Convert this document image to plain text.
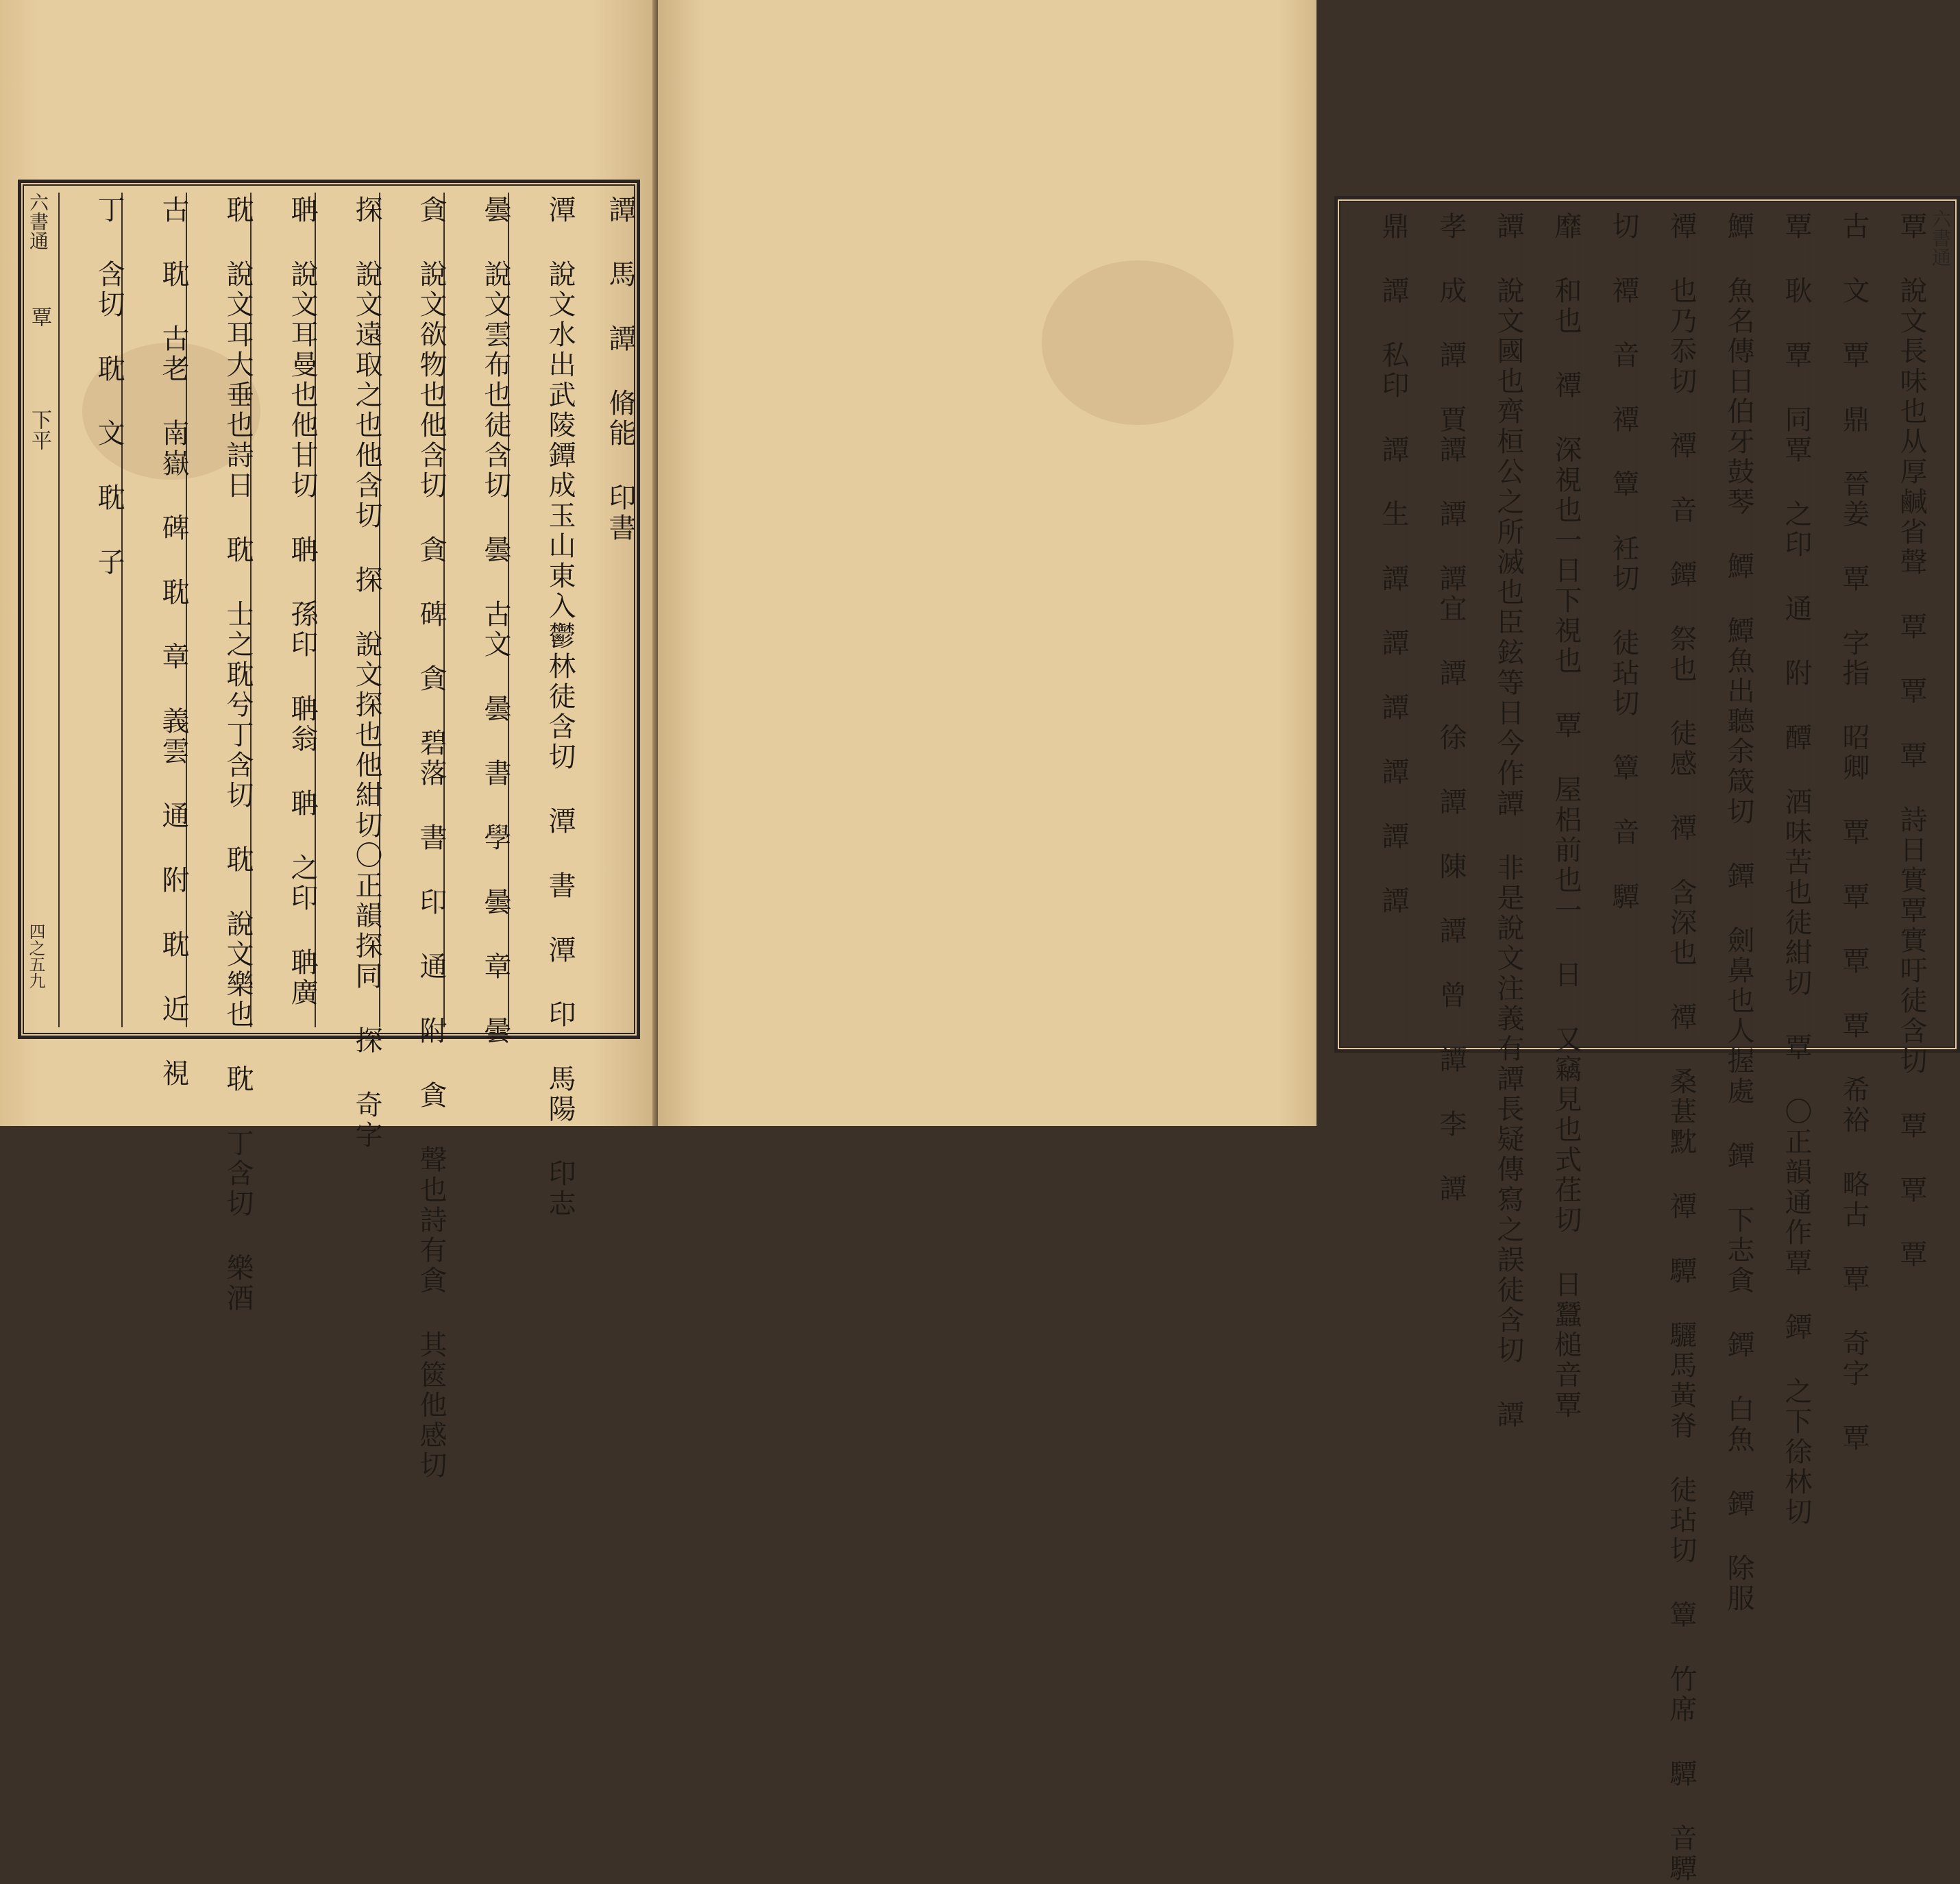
六書通
覃
下平
四之五九
譚 馬 譚 脩能 印書
潭 說文水出武陵鐔成玉山東入鬱林徒含切 潭 書 潭 印 馬陽 印志
曇 說文雲布也徒含切 曇 古文 曇 書 學 曇 章 曇
貪 說文欲物也他含切 貪 碑 貪 碧落 書 印 通 附 貪 聲也詩有貪 其篋他感切
探 說文遠取之也他含切 探 說文探也他紺切〇正韻探同 探 奇字
聃 說文耳曼也他甘切 聃 孫印 聃翁 聃 之印 聃廣
耽 說文耳大垂也詩日 耽 士之耽兮丁含切 耽 說文樂也 耽 丁含切 樂酒
古 耽 古老 南嶽 碑 耽 章 義雲 通 附 耽 近 視
丁 含切 耽 文 耽 子	六書通
覃 說文長味也从厚鹹省聲 覃 覃 覃 詩日實覃實吁徒含切 覃 覃 覃
古 文 覃 鼎 晉姜 覃 字指 昭卿 覃 覃 覃 覃 希裕 略古 覃 奇字 覃
覃 耿 覃 同覃 之印 通 附 醰 酒味苦也徒紺切 覃 〇正韻通作覃 鐔 之下徐林切
鱏 魚名傳日伯牙鼓琴 鱏 鱏魚出聽余箴切 鐔 劍鼻也人握處 鐔 下志貪 鐔 白魚 鐔 除服
禫 也乃忝切 禫 音 鐔 祭也 徒感 禫 含深也 禫 桑葚黕 禫 驔 驪馬黃脊 徒玷切 簟 竹席 驔 音驔
切 禫 音 禫 簟 衽切 徒玷切 簟 音 驔
靡 和也 禫 深視也一日下視也 覃 屋梠前也一 日 又竊見也式荏切 日蠶槌音覃
譚 說文國也齊桓公之所滅也臣鉉等日今作譚 非是說文注義有譚長疑傳寫之誤徒含切 譚
孝 成 譚 賈譚 譚 譚宜 譚 徐 譚 陳 譚 曾 譚 李 譚
鼎 譚 私印 譚 生 譚 譚 譚 譚 譚 譚
